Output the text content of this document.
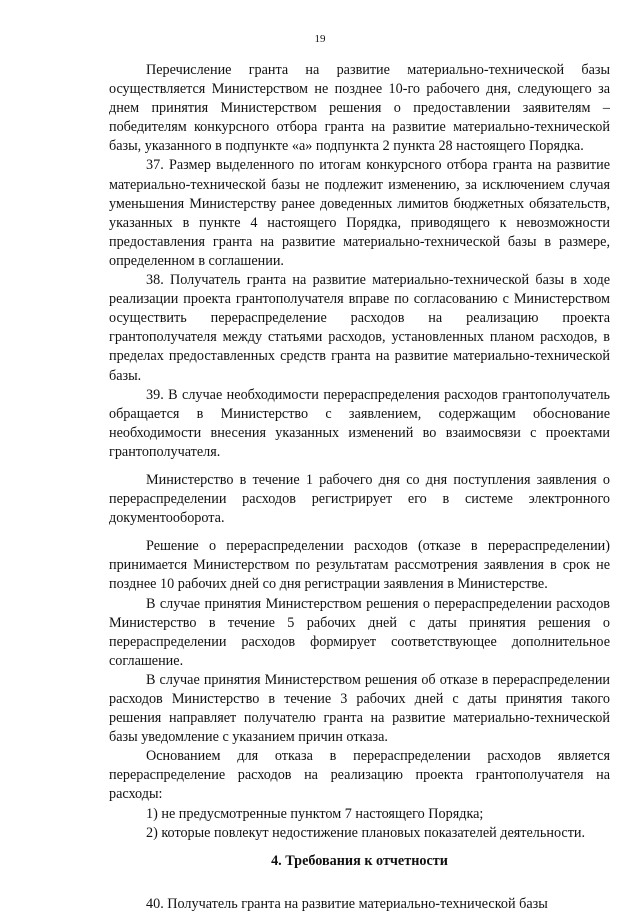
19

Перечисление гранта на развитие материально-технической базы осуществляется Министерством не позднее 10-го рабочего дня, следующего за днем принятия Министерством решения о предоставлении заявителям – победителям конкурсного отбора гранта на развитие материально-технической базы, указанного в подпункте «а» подпункта 2 пункта 28 настоящего Порядка.

37. Размер выделенного по итогам конкурсного отбора гранта на развитие материально-технической базы не подлежит изменению, за исключением случая уменьшения Министерству ранее доведенных лимитов бюджетных обязательств, указанных в пункте 4 настоящего Порядка, приводящего к невозможности предоставления гранта на развитие материально-технической базы в размере, определенном в соглашении.

38. Получатель гранта на развитие материально-технической базы в ходе реализации проекта грантополучателя вправе по согласованию с Министерством осуществить перераспределение расходов на реализацию проекта грантополучателя между статьями расходов, установленных планом расходов, в пределах предоставленных средств гранта на развитие материально-технической базы.

39. В случае необходимости перераспределения расходов грантополучатель обращается в Министерство с заявлением, содержащим обоснование необходимости внесения указанных изменений во взаимосвязи с проектами грантополучателя.

Министерство в течение 1 рабочего дня со дня поступления заявления о перераспределении расходов регистрирует его в системе электронного документооборота.

Решение о перераспределении расходов (отказе в перераспределении) принимается Министерством по результатам рассмотрения заявления в срок не позднее 10 рабочих дней со дня регистрации заявления в Министерстве.

В случае принятия Министерством решения о перераспределении расходов Министерство в течение 5 рабочих дней с даты принятия решения о перераспределении расходов формирует соответствующее дополнительное соглашение.

В случае принятия Министерством решения об отказе в перераспределении расходов Министерство в течение 3 рабочих дней с даты принятия такого решения направляет получателю гранта на развитие материально-технической базы уведомление с указанием причин отказа.

Основанием для отказа в перераспределении расходов является перераспределение расходов на реализацию проекта грантополучателя на расходы:

1) не предусмотренные пунктом 7 настоящего Порядка;

2) которые повлекут недостижение плановых показателей деятельности.

4. Требования к отчетности

40. Получатель гранта на развитие материально-технической базы
